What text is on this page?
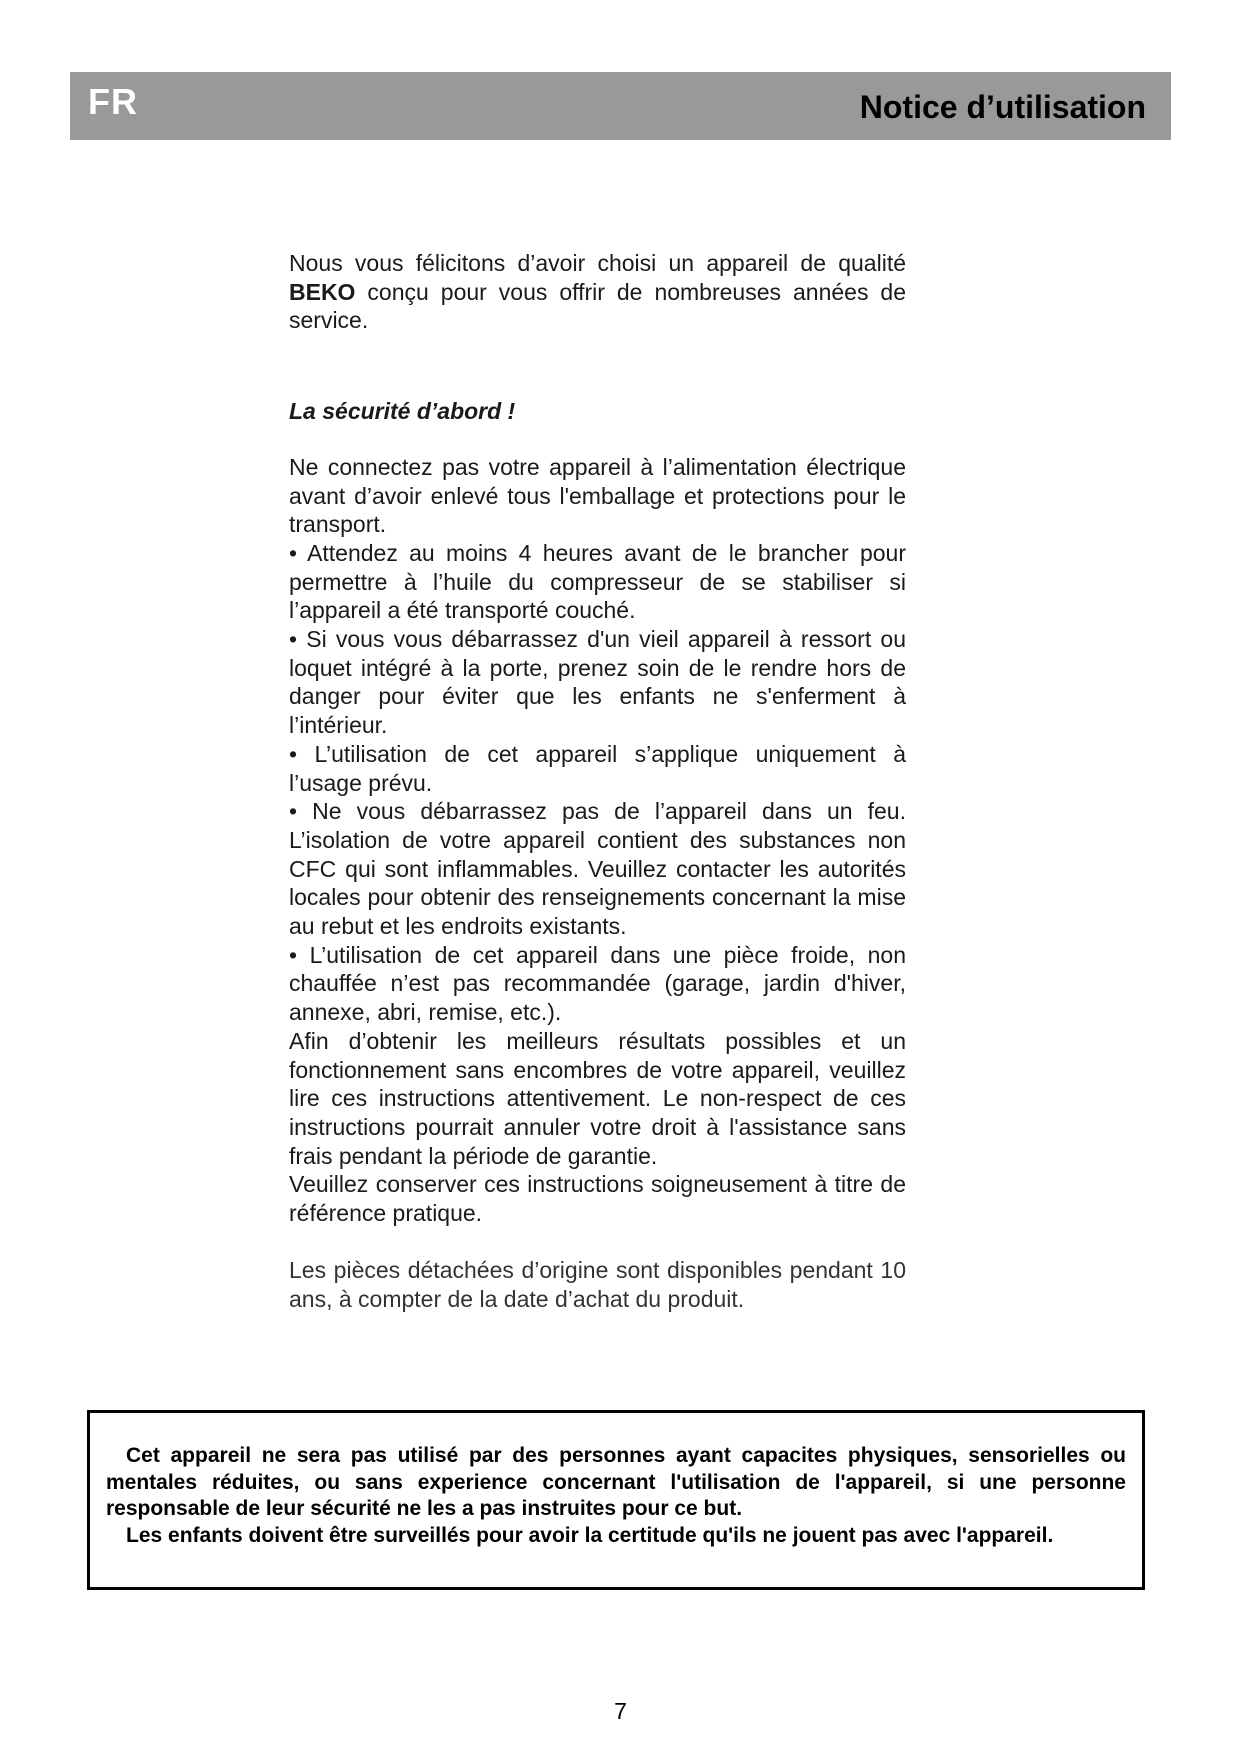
FR	Notice d’utilisation

Nous vous félicitons d’avoir choisi un appareil de qualité BEKO conçu pour vous offrir de nombreuses années de service.

La sécurité d’abord !

Ne connectez pas votre appareil à l’alimentation électrique avant d’avoir enlevé tous l'emballage et protections pour le transport.

• Attendez au moins 4 heures avant de le brancher pour permettre à l’huile du compresseur de se stabiliser si l’appareil a été transporté couché.

• Si vous vous débarrassez d'un vieil appareil à ressort ou loquet intégré à la porte, prenez soin de le rendre hors de danger pour éviter que les enfants ne s'enferment à l’intérieur.

• L’utilisation de cet appareil s’applique uniquement à l’usage prévu.

• Ne vous débarrassez pas de l’appareil dans un feu. L’isolation de votre appareil contient des substances non CFC qui sont inflammables. Veuillez contacter les autorités locales pour obtenir des renseignements concernant la mise au rebut et les endroits existants.

• L’utilisation de cet appareil dans une pièce froide, non chauffée n’est pas recommandée (garage, jardin d'hiver, annexe, abri, remise, etc.).

Afin d’obtenir les meilleurs résultats possibles et un fonctionnement sans encombres de votre appareil, veuillez lire ces instructions attentivement. Le non-respect de ces instructions pourrait annuler votre droit à l'assistance sans frais pendant la période de garantie.

Veuillez conserver ces instructions soigneusement à titre de référence pratique.

Les pièces détachées d’origine sont disponibles pendant 10 ans, à compter de la date d’achat du produit.

Cet appareil ne sera pas utilisé par des personnes ayant capacites physiques, sensorielles ou mentales réduites, ou sans experience concernant l'utilisation de l'appareil, si une personne responsable de leur sécurité ne les a pas instruites pour ce but.

Les enfants doivent être surveillés pour avoir la certitude qu'ils ne jouent pas avec l'appareil.

7
